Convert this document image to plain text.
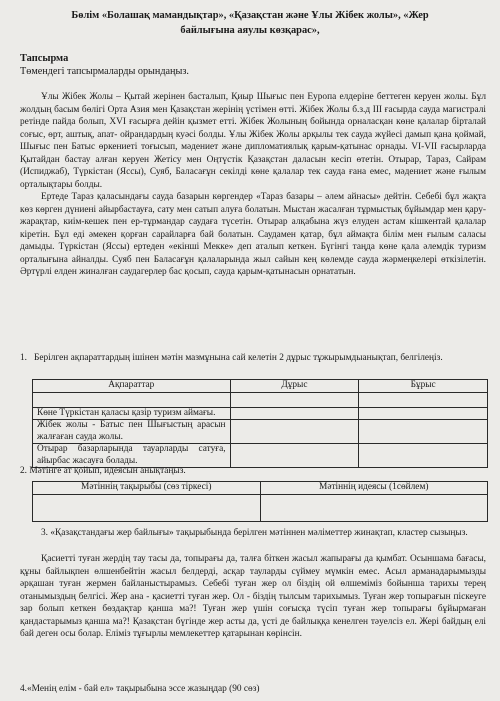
Бөлім «Болашақ мамандықтар», «Қазақстан және Ұлы Жібек жолы», «Жер
байлығына аяулы көзқарас»,
Тапсырма
Төмендегі тапсырмаларды орындаңыз.
Ұлы Жібек Жолы – Қытай жерінен басталып, Қиыр Шығыс пен Еуропа елдеріне беттеген керуен жолы. Бұл жолдың басым бөлігі Орта Азия мен Қазақстан жерінің үстімен өтті. Жібек Жолы б.з.д III ғасырда сауда магистралі ретінде пайда болып, XVI ғасырға дейін қызмет етті. Жібек Жолының бойында орналасқан көне қалалар бірталай соғыс, өрт, аштық, апат- ойрандардың куәсі болды. Ұлы Жібек Жолы арқылы тек сауда жүйесі дамып қана қоймай, Шығыс пен Батыс өркениеті тоғысып, мәдениет және дипломатиялық қарым-қатынас орнады. VI-VII ғасырларда Қытайдан бастау алған керуен Жетісу мен Оңтүстік Қазақстан даласын кесіп өтетін. Отырар, Тараз, Сайрам (Испиджаб), Түркістан (Яссы), Суяб, Баласағұн секілді көне қалалар тек сауда ғана емес, мәдениет және ғылым орталықтары болды.
Ертеде Тараз қаласындағы сауда базарын көргендер «Тараз базары – әлем айнасы» дейтін. Себебі бұл жақта көз көрген дүниені айырбастауға, сату мен сатып алуға болатын. Мыстан жасалған тұрмыстық бұйымдар мен қару-жарақтар, киім-кешек пен ер-тұрмандар саудаға түсетін. Отырар алқабына жүз елуден астам кішкентай қалалар кіретін. Бұл еді әмекен қорған сарайларға бай болатын. Саудамен қатар, бұл аймақта білім мен ғылым саласы дамыды. Түркістан (Яссы) ертеден «екінші Мекке» деп аталып кеткен. Бүгінгі таңда көне қала әлемдік туризм орталығына айналды. Суяб пен Баласағұн қалаларында жыл сайын кең көлемде сауда жәрмеңкелері өткізілетін. Әртүрлі елден жиналған саудагерлер бас қосып, сауда қарым-қатынасын орнататын.
1. Берілген ақпараттардың ішінен мәтін мазмұнына сай келетін 2 дұрыс тұжырымдыанықтап, белгілеңіз.
Ақпараттар	Дұрыс	Бұрыс

Көне Түркістан қаласы қазір туризм аймағы.		
Жібек жолы - Батыс пен Шығыстың арасын жалғаған сауда жолы.		
Отырар базарларында тауарларды сатуға, айырбас жасауға болады.		
2. Мәтінге ат қойып, идеясын анықтаңыз.
Мәтіннің тақырыбы (сөз тіркесі)	Мәтіннің идеясы (1сөйлем)

3. «Қазақстандағы жер байлығы» тақырыбында берілген мәтіннен мәліметтер жинақтап, кластер сызыңыз.
Қасиетті туған жердің тау тасы да, топырағы да, талға біткен жасыл жапырағы да қымбат. Осыншама бағасы, құны байлықпен өлшенбейтін жасыл белдерді, асқар тауларды сүймеу мүмкін емес. Асыл арманадарымызды әрқашан туған жермен байланыстырамыз. Себебі туған жер ол біздің ой өлшеміміз бойынша тарихы терең отанымыздың белгісі. Жер ана - қасиетті туған жер. Ол - біздің тылсым тарихымыз. Туған жер топырағын піскеуге зар болып кеткен бөздақтар қанша ма?! Туған жер үшін соғысқа түсіп туған жер топырағы бұйырмаған қандастарымыз қанша ма?! Қазақстан бүгінде жер асты да, үсті де байлыққа кенелген тәуелсіз ел. Жері байдың елі бай деген осы болар. Еліміз тұғырлы мемлекеттер қатарынан көрінсін.
4.«Менің елім - бай ел» тақырыбына эссе жазыңдар (90 сөз)
